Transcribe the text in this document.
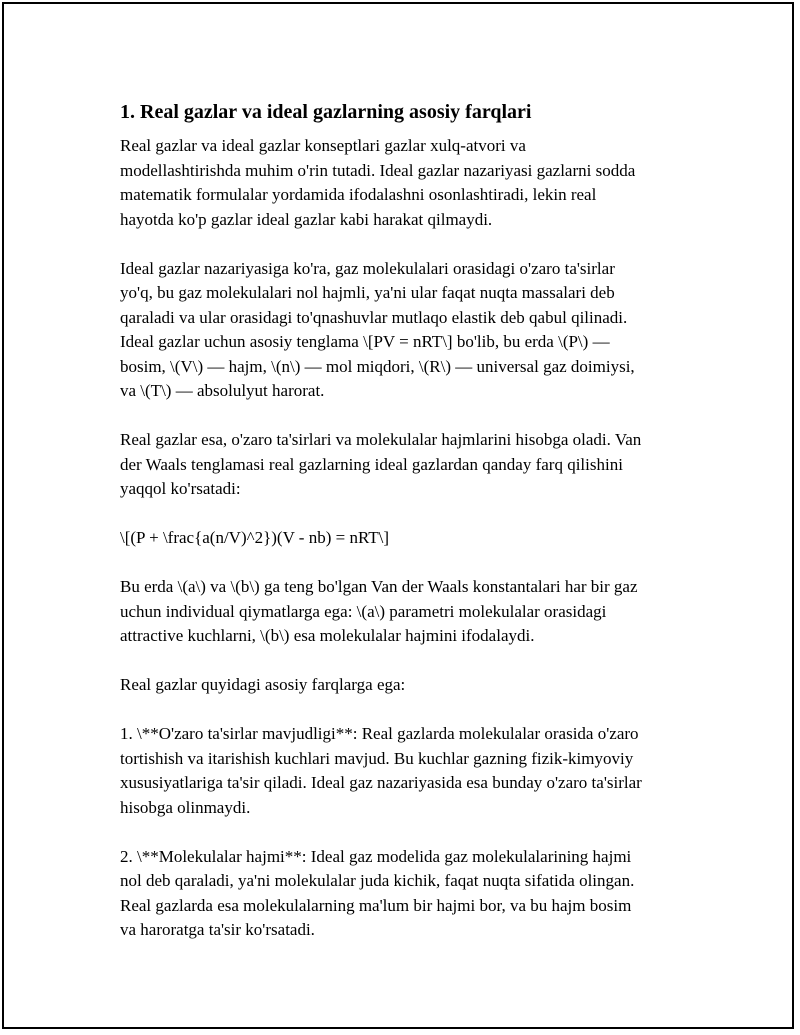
1. Real gazlar va ideal gazlarning asosiy farqlari
Real gazlar va ideal gazlar konseptlari gazlar xulq-atvori va
modellashtirishda muhim o'rin tutadi. Ideal gazlar nazariyasi gazlarni sodda
matematik formulalar yordamida ifodalashni osonlashtiradi, lekin real
hayotda ko'p gazlar ideal gazlar kabi harakat qilmaydi.
Ideal gazlar nazariyasiga ko'ra, gaz molekulalari orasidagi o'zaro ta'sirlar
yo'q, bu gaz molekulalari nol hajmli, ya'ni ular faqat nuqta massalari deb
qaraladi va ular orasidagi to'qnashuvlar mutlaqo elastik deb qabul qilinadi.
Ideal gazlar uchun asosiy tenglama \[PV = nRT\] bo'lib, bu erda \(P\) —
bosim, \(V\) — hajm, \(n\) — mol miqdori, \(R\) — universal gaz doimiysi,
va \(T\) — absolulyut harorat.
Real gazlar esa, o'zaro ta'sirlari va molekulalar hajmlarini hisobga oladi. Van
der Waals tenglamasi real gazlarning ideal gazlardan qanday farq qilishini
yaqqol ko'rsatadi:
\[(P + \frac{a(n/V)^2})(V - nb) = nRT\]
Bu erda \(a\) va \(b\) ga teng bo'lgan Van der Waals konstantalari har bir gaz
uchun individual qiymatlarga ega: \(a\) parametri molekulalar orasidagi
attractive kuchlarni, \(b\) esa molekulalar hajmini ifodalaydi.
Real gazlar quyidagi asosiy farqlarga ega:
1. \**O'zaro ta'sirlar mavjudligi**: Real gazlarda molekulalar orasida o'zaro
tortishish va itarishish kuchlari mavjud. Bu kuchlar gazning fizik-kimyoviy
xususiyatlariga ta'sir qiladi. Ideal gaz nazariyasida esa bunday o'zaro ta'sirlar
hisobga olinmaydi.
2. \**Molekulalar hajmi**: Ideal gaz modelida gaz molekulalarining hajmi
nol deb qaraladi, ya'ni molekulalar juda kichik, faqat nuqta sifatida olingan.
Real gazlarda esa molekulalarning ma'lum bir hajmi bor, va bu hajm bosim
va haroratga ta'sir ko'rsatadi.
